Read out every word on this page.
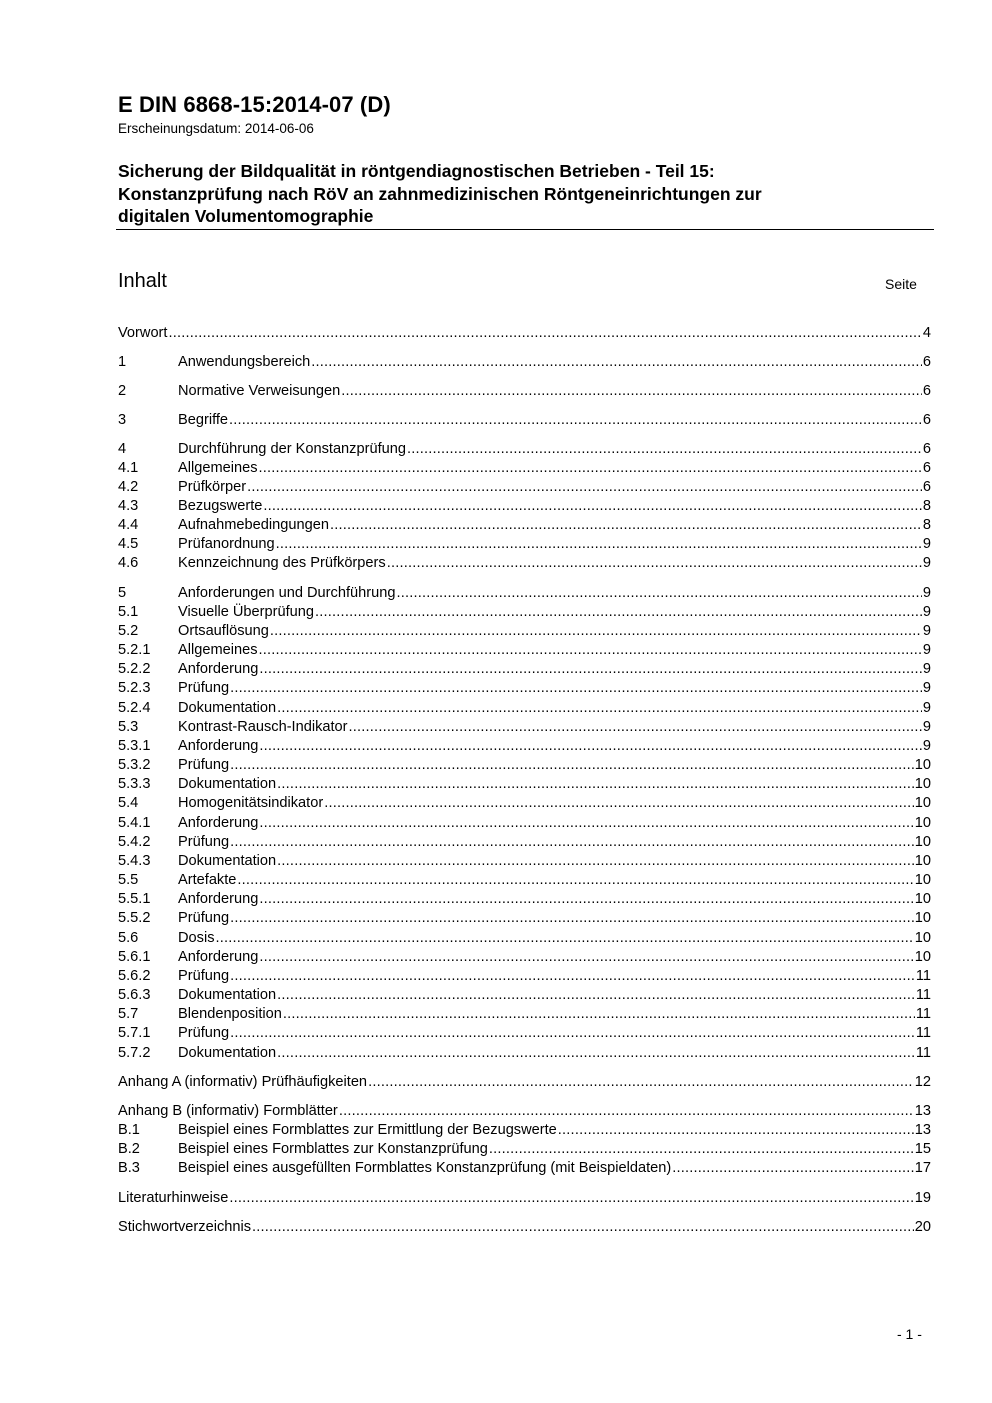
E DIN 6868-15:2014-07 (D)
Erscheinungsdatum: 2014-06-06
Sicherung der Bildqualität in röntgendiagnostischen Betrieben - Teil 15:
Konstanzprüfung nach RöV an zahnmedizinischen Röntgeneinrichtungen zur
digitalen Volumentomographie
Inhalt	Seite
Vorwort .....	4
1	Anwendungsbereich .....	6
2	Normative Verweisungen .....	6
3	Begriffe .....	6
4	Durchführung der Konstanzprüfung .....	6
4.1	Allgemeines .....	6
4.2	Prüfkörper .....	6
4.3	Bezugswerte .....	8
4.4	Aufnahmebedingungen .....	8
4.5	Prüfanordnung .....	9
4.6	Kennzeichnung des Prüfkörpers .....	9
5	Anforderungen und Durchführung .....	9
5.1	Visuelle Überprüfung .....	9
5.2	Ortsauflösung .....	9
5.2.1	Allgemeines .....	9
5.2.2	Anforderung .....	9
5.2.3	Prüfung .....	9
5.2.4	Dokumentation .....	9
5.3	Kontrast-Rausch-Indikator .....	9
5.3.1	Anforderung .....	9
5.3.2	Prüfung .....	10
5.3.3	Dokumentation .....	10
5.4	Homogenitätsindikator .....	10
5.4.1	Anforderung .....	10
5.4.2	Prüfung .....	10
5.4.3	Dokumentation .....	10
5.5	Artefakte .....	10
5.5.1	Anforderung .....	10
5.5.2	Prüfung .....	10
5.6	Dosis .....	10
5.6.1	Anforderung .....	10
5.6.2	Prüfung .....	11
5.6.3	Dokumentation .....	11
5.7	Blendenposition .....	11
5.7.1	Prüfung .....	11
5.7.2	Dokumentation .....	11
Anhang A (informativ) Prüfhäufigkeiten .....	12
Anhang B (informativ) Formblätter .....	13
B.1	Beispiel eines Formblattes zur Ermittlung der Bezugswerte .....	13
B.2	Beispiel eines Formblattes zur Konstanzprüfung .....	15
B.3	Beispiel eines ausgefüllten Formblattes Konstanzprüfung (mit Beispieldaten) .....	17
Literaturhinweise .....	19
Stichwortverzeichnis .....	20
- 1 -
